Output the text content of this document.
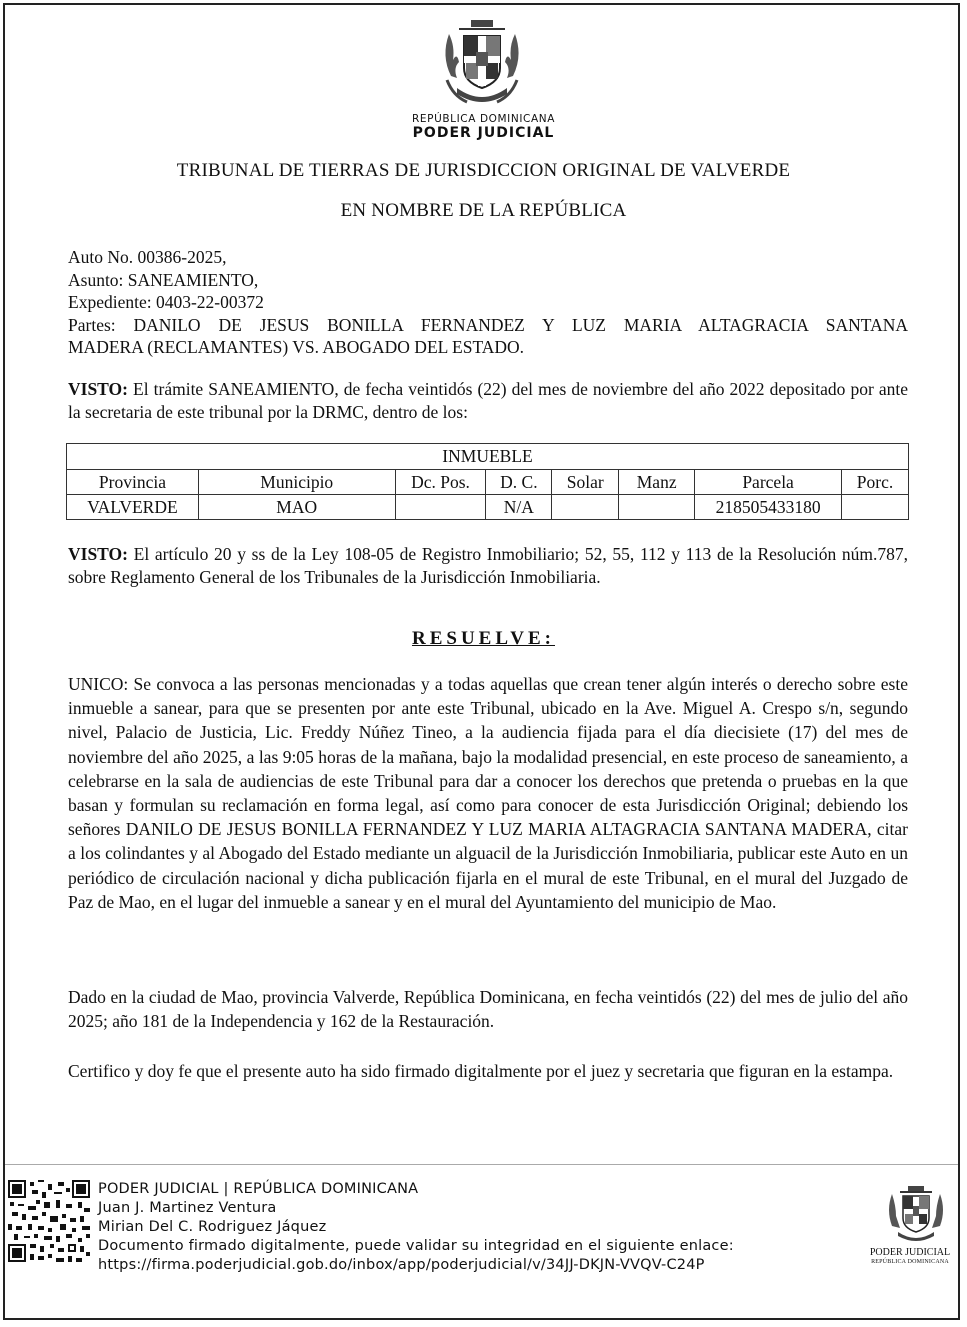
REPÚBLICA DOMINICANA
PODER JUDICIAL
TRIBUNAL DE TIERRAS DE JURISDICCION ORIGINAL DE VALVERDE
EN NOMBRE DE LA REPÚBLICA
Auto No. 00386-2025,
Asunto: SANEAMIENTO,
Expediente: 0403-22-00372
Partes: DANILO DE JESUS BONILLA FERNANDEZ Y LUZ MARIA ALTAGRACIA SANTANA
MADERA (RECLAMANTES) VS. ABOGADO DEL ESTADO.
VISTO: El trámite SANEAMIENTO, de fecha veintidós (22) del mes de noviembre del año 2022 depositado por ante la secretaria de este tribunal por la DRMC, dentro de los:
INMUEBLE							
Provincia	Municipio	Dc. Pos.	D. C.	Solar	Manz	Parcela	Porc.
VALVERDE	MAO		N/A			218505433180	
VISTO: El artículo 20 y ss de la Ley 108-05 de Registro Inmobiliario; 52, 55, 112 y 113 de la Resolución núm.787, sobre Reglamento General de los Tribunales de la Jurisdicción Inmobiliaria.
RESUELVE:
UNICO: Se convoca a las personas mencionadas y a todas aquellas que crean tener algún interés o derecho sobre este inmueble a sanear, para que se presenten por ante este Tribunal, ubicado en la Ave. Miguel A. Crespo s/n, segundo nivel, Palacio de Justicia, Lic. Freddy Núñez Tineo, a la audiencia fijada para el día diecisiete (17) del mes de noviembre del año 2025, a las 9:05 horas de la mañana, bajo la modalidad presencial, en este proceso de saneamiento, a celebrarse en la sala de audiencias de este Tribunal para dar a conocer los derechos que pretenda o pruebas en la que basan y formulan su reclamación en forma legal, así como para conocer de esta Jurisdicción Original; debiendo los señores DANILO DE JESUS BONILLA FERNANDEZ Y LUZ MARIA ALTAGRACIA SANTANA MADERA, citar a los colindantes y al Abogado del Estado mediante un alguacil de la Jurisdicción Inmobiliaria, publicar este Auto en un periódico de circulación nacional y dicha publicación fijarla en el mural de este Tribunal, en el mural del Juzgado de Paz de Mao, en el lugar del inmueble a sanear y en el mural del Ayuntamiento del municipio de Mao.
Dado en la ciudad de Mao, provincia Valverde, República Dominicana, en fecha veintidós (22) del mes de julio del año 2025; año 181 de la Independencia y 162 de la Restauración.
Certifico y doy fe que el presente auto ha sido firmado digitalmente por el juez y secretaria que figuran en la estampa.
PODER JUDICIAL | REPÚBLICA DOMINICANA
Juan J. Martinez Ventura
Mirian Del C. Rodriguez Jáquez
Documento firmado digitalmente, puede validar su integridad en el siguiente enlace:
https://firma.poderjudicial.gob.do/inbox/app/poderjudicial/v/34JJ-DKJN-VVQV-C24P
PODER JUDICIAL
REPÚBLICA DOMINICANA
